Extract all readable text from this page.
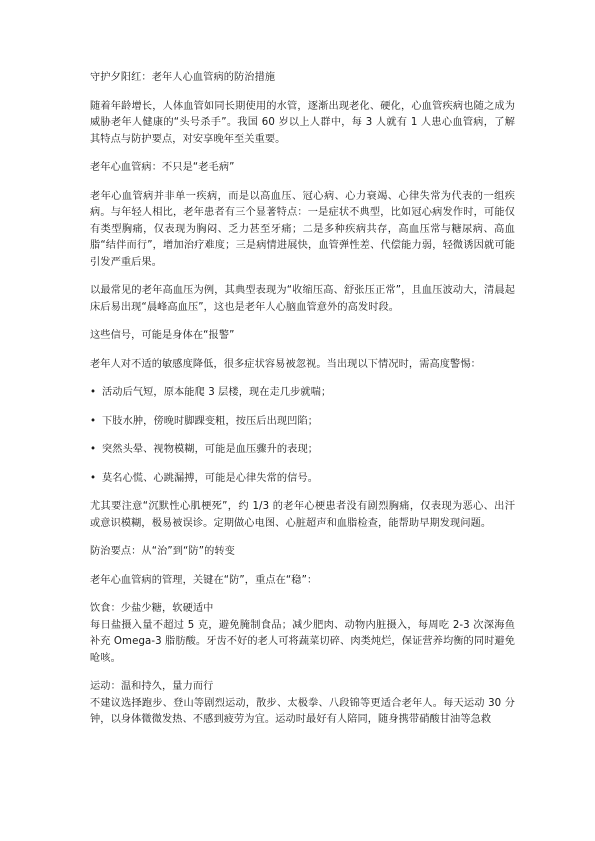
守护夕阳红：老年人心血管病的防治措施

随着年龄增长，人体血管如同长期使用的水管，逐渐出现老化、硬化，心血管疾病也随之成为威胁老年人健康的“头号杀手”。我国 60 岁以上人群中，每 3 人就有 1 人患心血管病，了解其特点与防护要点，对安享晚年至关重要。

老年心血管病：不只是“老毛病”

老年心血管病并非单一疾病，而是以高血压、冠心病、心力衰竭、心律失常为代表的一组疾病。与年轻人相比，老年患者有三个显著特点：一是症状不典型，比如冠心病发作时，可能仅有类型胸痛，仅表现为胸闷、乏力甚至牙痛；二是多种疾病共存，高血压常与糖尿病、高血脂“结伴而行”，增加治疗难度；三是病情进展快，血管弹性差、代偿能力弱，轻微诱因就可能引发严重后果。

以最常见的老年高血压为例，其典型表现为“收缩压高、舒张压正常”，且血压波动大，清晨起床后易出现“晨峰高血压”，这也是老年人心脑血管意外的高发时段。

这些信号，可能是身体在“报警”

老年人对不适的敏感度降低，很多症状容易被忽视。当出现以下情况时，需高度警惕：

• 活动后气短，原本能爬 3 层楼，现在走几步就喘；
• 下肢水肿，傍晚时脚踝变粗，按压后出现凹陷；
• 突然头晕、视物模糊，可能是血压骤升的表现；
• 莫名心慌、心跳漏搏，可能是心律失常的信号。

尤其要注意“沉默性心肌梗死”，约 1/3 的老年心梗患者没有剧烈胸痛，仅表现为恶心、出汗或意识模糊，极易被误诊。定期做心电图、心脏超声和血脂检查，能帮助早期发现问题。

防治要点：从“治”到“防”的转变

老年心血管病的管理，关键在“防”，重点在“稳”：

饮食：少盐少糖，软硬适中
每日盐摄入量不超过 5 克，避免腌制食品；减少肥肉、动物内脏摄入，每周吃 2-3 次深海鱼补充 Omega-3 脂肪酸。牙齿不好的老人可将蔬菜切碎、肉类炖烂，保证营养均衡的同时避免呛咳。
运动：温和持久，量力而行
不建议选择跑步、登山等剧烈运动，散步、太极拳、八段锦等更适合老年人。每天运动 30 分钟，以身体微微发热、不感到疲劳为宜。运动时最好有人陪同，随身携带硝酸甘油等急救
